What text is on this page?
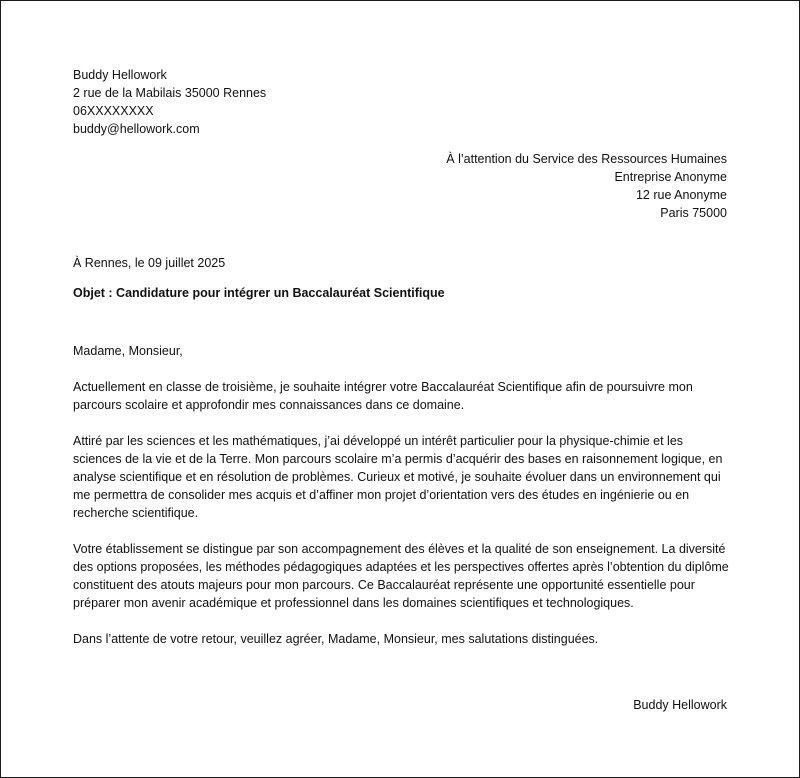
Buddy Hellowork
2 rue de la Mabilais 35000 Rennes
06XXXXXXXX
buddy@hellowork.com
À l’attention du Service des Ressources Humaines
Entreprise Anonyme
12 rue Anonyme
Paris 75000
À Rennes, le 09 juillet 2025
Objet : Candidature pour intégrer un Baccalauréat Scientifique

Madame, Monsieur,

Actuellement en classe de troisième, je souhaite intégrer votre Baccalauréat Scientifique afin de poursuivre mon parcours scolaire et approfondir mes connaissances dans ce domaine.

Attiré par les sciences et les mathématiques, j’ai développé un intérêt particulier pour la physique-chimie et les sciences de la vie et de la Terre. Mon parcours scolaire m’a permis d’acquérir des bases en raisonnement logique, en analyse scientifique et en résolution de problèmes. Curieux et motivé, je souhaite évoluer dans un environnement qui me permettra de consolider mes acquis et d’affiner mon projet d’orientation vers des études en ingénierie ou en recherche scientifique.

Votre établissement se distingue par son accompagnement des élèves et la qualité de son enseignement. La diversité des options proposées, les méthodes pédagogiques adaptées et les perspectives offertes après l’obtention du diplôme constituent des atouts majeurs pour mon parcours. Ce Baccalauréat représente une opportunité essentielle pour préparer mon avenir académique et professionnel dans les domaines scientifiques et technologiques.

Dans l’attente de votre retour, veuillez agréer, Madame, Monsieur, mes salutations distinguées.

Buddy Hellowork
